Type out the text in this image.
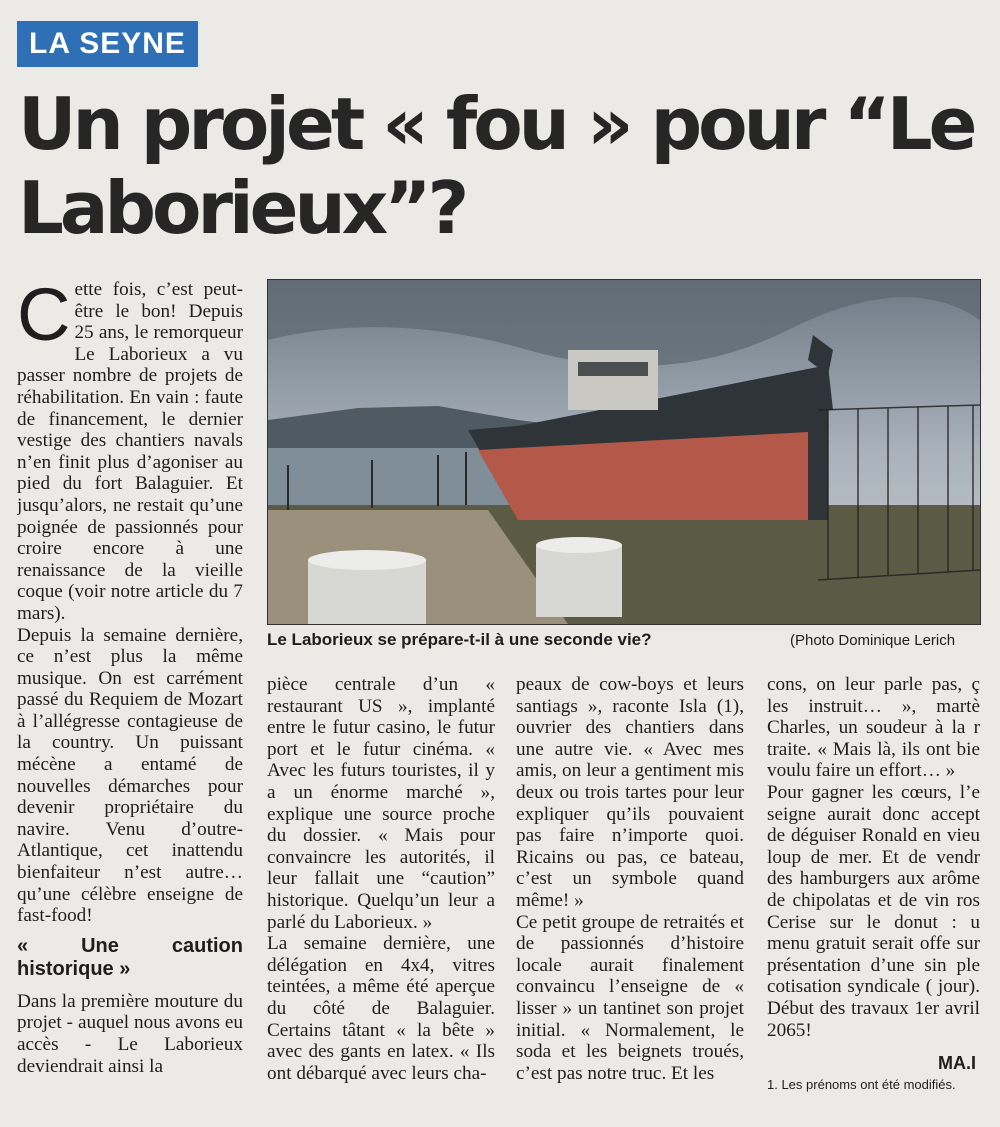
LA SEYNE
Un projet « fou » pour “Le Laborieux”?

Cette fois, c’est peut-être le bon! Depuis 25 ans, le remorqueur Le Laborieux a vu passer nombre de projets de réhabilitation. En vain : faute de financement, le dernier vestige des chantiers navals n’en finit plus d’agoniser au pied du fort Balaguier. Et jusqu’alors, ne restait qu’une poignée de passionnés pour croire encore à une renaissance de la vieille coque (voir notre article du 7 mars).

Depuis la semaine dernière, ce n’est plus la même musique. On est carrément passé du Requiem de Mozart à l’allégresse contagieuse de la country. Un puissant mécène a entamé de nouvelles démarches pour devenir propriétaire du navire. Venu d’outre-Atlantique, cet inattendu bienfaiteur n’est autre… qu’une célèbre enseigne de fast-food!

« Une caution historique »

Dans la première mouture du projet - auquel nous avons eu accès - Le Laborieux deviendrait ainsi la

Le Laborieux se prépare-t-il à une seconde vie?	(Photo Dominique Lerich

pièce centrale d’un « restaurant US », implanté entre le futur casino, le futur port et le futur cinéma. « Avec les futurs touristes, il y a un énorme marché », explique une source proche du dossier. « Mais pour convaincre les autorités, il leur fallait une “caution” historique. Quelqu’un leur a parlé du Laborieux. »

La semaine dernière, une délégation en 4x4, vitres teintées, a même été aperçue du côté de Balaguier. Certains tâtant « la bête » avec des gants en latex. « Ils ont débarqué avec leurs cha-

peaux de cow-boys et leurs santiags », raconte Isla (1), ouvrier des chantiers dans une autre vie. « Avec mes amis, on leur a gentiment mis deux ou trois tartes pour leur expliquer qu’ils pouvaient pas faire n’importe quoi. Ricains ou pas, ce bateau, c’est un symbole quand même! »

Ce petit groupe de retraités et de passionnés d’histoire locale aurait finalement convaincu l’enseigne de « lisser » un tantinet son projet initial. « Normalement, le soda et les beignets troués, c’est pas notre truc. Et les

cons, on leur parle pas, ç les instruit… », martè Charles, un soudeur à la r traite. « Mais là, ils ont bie voulu faire un effort… »

Pour gagner les cœurs, l’e seigne aurait donc accept de déguiser Ronald en vieu loup de mer. Et de vendr des hamburgers aux arôme de chipolatas et de vin ros Cerise sur le donut : u menu gratuit serait offe sur présentation d’une sin ple cotisation syndicale ( jour). Début des travaux 1er avril 2065!

MA.I
1. Les prénoms ont été modifiés.
